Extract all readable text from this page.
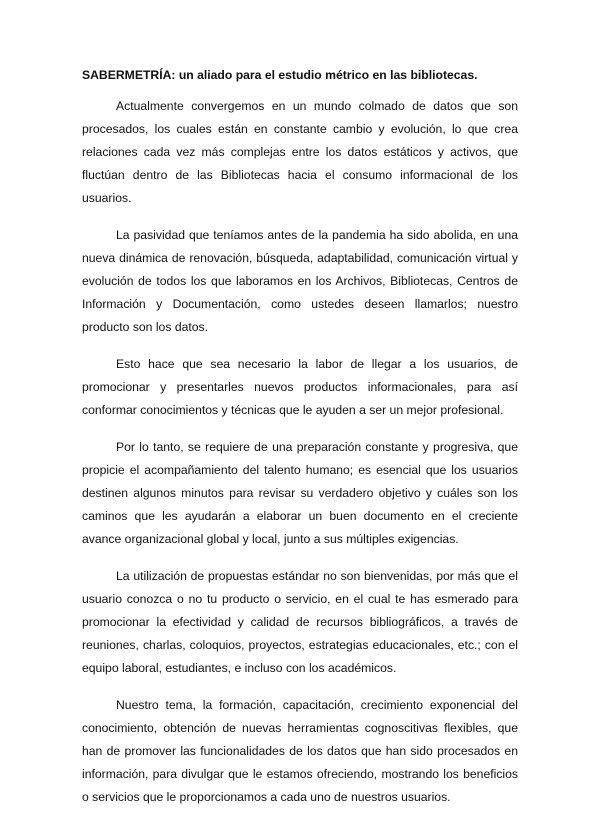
SABERMETRÍA: un aliado para el estudio métrico en las bibliotecas.

Actualmente convergemos en un mundo colmado de datos que son procesados, los cuales están en constante cambio y evolución, lo que crea relaciones cada vez más complejas entre los datos estáticos y activos, que fluctúan dentro de las Bibliotecas hacia el consumo informacional de los usuarios.

La pasividad que teníamos antes de la pandemia ha sido abolida, en una nueva dinámica de renovación, búsqueda, adaptabilidad, comunicación virtual y evolución de todos los que laboramos en los Archivos, Bibliotecas, Centros de Información y Documentación, como ustedes deseen llamarlos; nuestro producto son los datos.

Esto hace que sea necesario la labor de llegar a los usuarios, de promocionar y presentarles nuevos productos informacionales, para así conformar conocimientos y técnicas que le ayuden a ser un mejor profesional.

Por lo tanto, se requiere de una preparación constante y progresiva, que propicie el acompañamiento del talento humano; es esencial que los usuarios destinen algunos minutos para revisar su verdadero objetivo y cuáles son los caminos que les ayudarán a elaborar un buen documento en el creciente avance organizacional global y local, junto a sus múltiples exigencias.

La utilización de propuestas estándar no son bienvenidas, por más que el usuario conozca o no tu producto o servicio, en el cual te has esmerado para promocionar la efectividad y calidad de recursos bibliográficos, a través de reuniones, charlas, coloquios, proyectos, estrategias educacionales, etc.; con el equipo laboral, estudiantes, e incluso con los académicos.

Nuestro tema, la formación, capacitación, crecimiento exponencial del conocimiento, obtención de nuevas herramientas cognoscitivas flexibles, que han de promover las funcionalidades de los datos que han sido procesados en información, para divulgar que le estamos ofreciendo, mostrando los beneficios o servicios que le proporcionamos a cada uno de nuestros usuarios.
